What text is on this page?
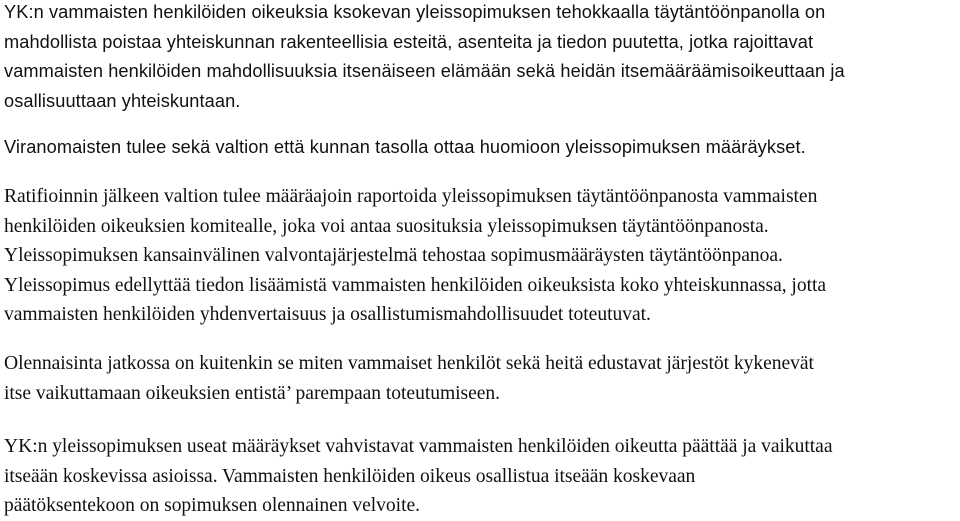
YK:n vammaisten henkilöiden oikeuksia ksokevan yleissopimuksen tehokkaalla täytäntöönpanolla on
mahdollista poistaa yhteiskunnan rakenteellisia esteitä, asenteita ja tiedon puutetta, jotka rajoittavat
vammaisten henkilöiden mahdollisuuksia itsenäiseen elämään sekä heidän itsemääräämisoikeuttaan ja
osallisuuttaan yhteiskuntaan.

Viranomaisten tulee sekä valtion että kunnan tasolla ottaa huomioon yleissopimuksen määräykset.

Ratifioinnin jälkeen valtion tulee määräajoin raportoida yleissopimuksen täytäntöönpanosta vammaisten
henkilöiden oikeuksien komitealle, joka voi antaa suosituksia yleissopimuksen täytäntöönpanosta.
Yleissopimuksen kansainvälinen valvontajärjestelmä tehostaa sopimusmääräysten täytäntöönpanoa.
Yleissopimus edellyttää tiedon lisäämistä vammaisten henkilöiden oikeuksista koko yhteiskunnassa, jotta
vammaisten henkilöiden yhdenvertaisuus ja osallistumismahdollisuudet toteutuvat.

Olennaisinta jatkossa on kuitenkin se miten vammaiset henkilöt sekä heitä edustavat järjestöt kykenevät
itse vaikuttamaan oikeuksien entistä’ parempaan toteutumiseen.

YK:n yleissopimuksen useat määräykset vahvistavat vammaisten henkilöiden oikeutta päättää ja vaikuttaa
itseään koskevissa asioissa. Vammaisten henkilöiden oikeus osallistua itseään koskevaan
päätöksentekoon on sopimuksen olennainen velvoite.
